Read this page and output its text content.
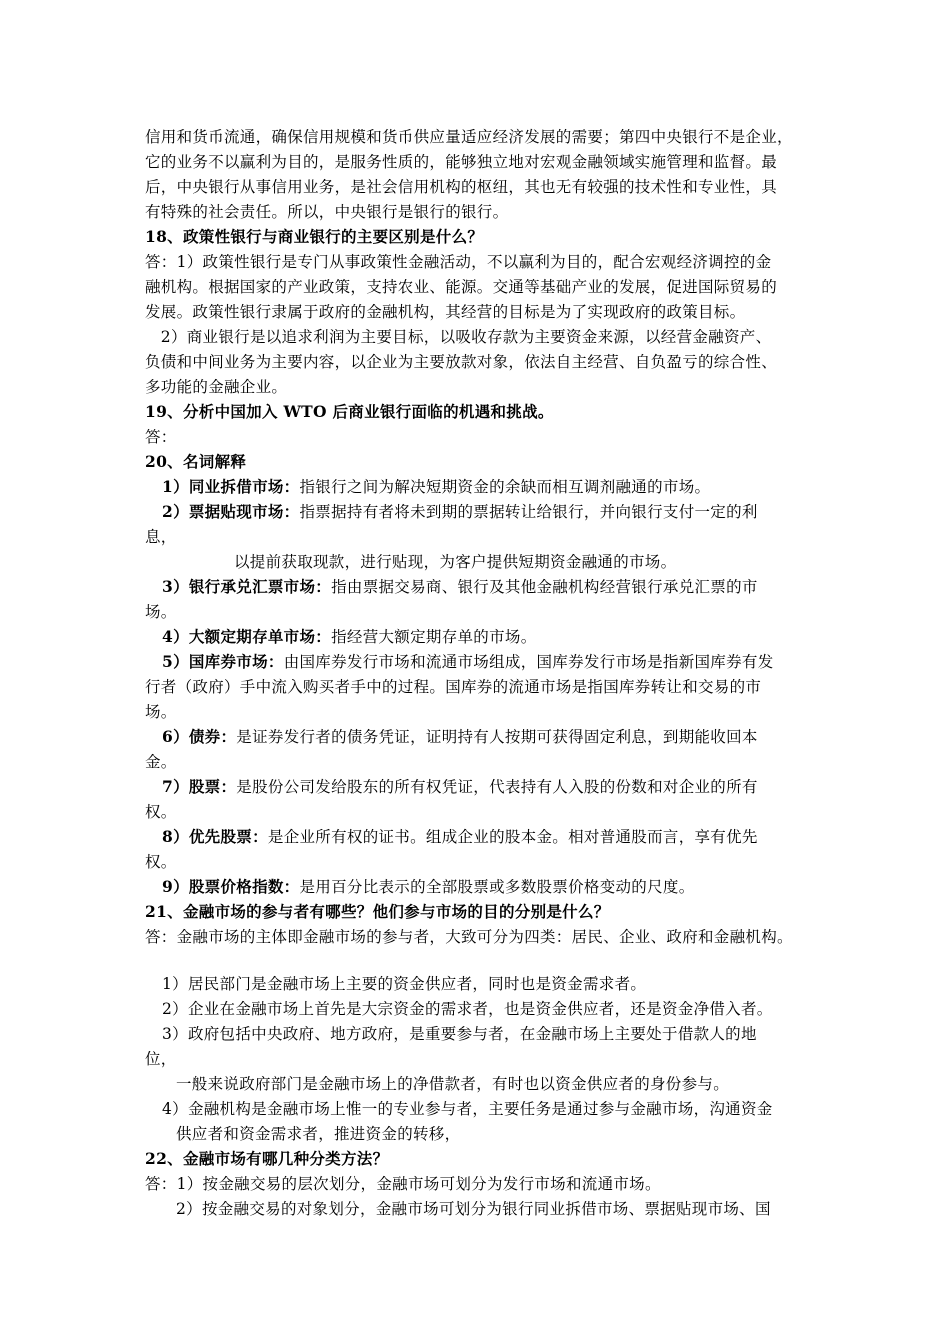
信用和货币流通，确保信用规模和货币供应量适应经济发展的需要；第四中央银行不是企业，
它的业务不以赢利为目的，是服务性质的，能够独立地对宏观金融领域实施管理和监督。最
后，中央银行从事信用业务，是社会信用机构的枢纽，其也无有较强的技术性和专业性，具
有特殊的社会责任。所以，中央银行是银行的银行。
18、政策性银行与商业银行的主要区别是什么？
答：1）政策性银行是专门从事政策性金融活动，不以赢利为目的，配合宏观经济调控的金
融机构。根据国家的产业政策，支持农业、能源。交通等基础产业的发展，促进国际贸易的
发展。政策性银行隶属于政府的金融机构，其经营的目标是为了实现政府的政策目标。
　2）商业银行是以追求利润为主要目标，以吸收存款为主要资金来源，以经营金融资产、
负债和中间业务为主要内容，以企业为主要放款对象，依法自主经营、自负盈亏的综合性、
多功能的金融企业。
19、分析中国加入 WTO 后商业银行面临的机遇和挑战。
答：
20、名词解释
1）同业拆借市场：指银行之间为解决短期资金的余缺而相互调剂融通的市场。
2）票据贴现市场：指票据持有者将未到期的票据转让给银行，并向银行支付一定的利
息，
以提前获取现款，进行贴现，为客户提供短期资金融通的市场。
3）银行承兑汇票市场：指由票据交易商、银行及其他金融机构经营银行承兑汇票的市
场。
4）大额定期存单市场：指经营大额定期存单的市场。
5）国库券市场：由国库券发行市场和流通市场组成，国库券发行市场是指新国库券有发
行者（政府）手中流入购买者手中的过程。国库券的流通市场是指国库券转让和交易的市
场。
6）债券：是证券发行者的债务凭证，证明持有人按期可获得固定利息，到期能收回本
金。
7）股票：是股份公司发给股东的所有权凭证，代表持有人入股的份数和对企业的所有
权。
8）优先股票：是企业所有权的证书。组成企业的股本金。相对普通股而言，享有优先
权。
9）股票价格指数：是用百分比表示的全部股票或多数股票价格变动的尺度。
21、金融市场的参与者有哪些？他们参与市场的目的分别是什么？
答：金融市场的主体即金融市场的参与者，大致可分为四类：居民、企业、政府和金融机构。
1）居民部门是金融市场上主要的资金供应者，同时也是资金需求者。
2）企业在金融市场上首先是大宗资金的需求者，也是资金供应者，还是资金净借入者。
3）政府包括中央政府、地方政府，是重要参与者，在金融市场上主要处于借款人的地
位，
一般来说政府部门是金融市场上的净借款者，有时也以资金供应者的身份参与。
4）金融机构是金融市场上惟一的专业参与者，主要任务是通过参与金融市场，沟通资金
供应者和资金需求者，推进资金的转移，
22、金融市场有哪几种分类方法？
答：1）按金融交易的层次划分，金融市场可划分为发行市场和流通市场。
2）按金融交易的对象划分，金融市场可划分为银行同业拆借市场、票据贴现市场、国
